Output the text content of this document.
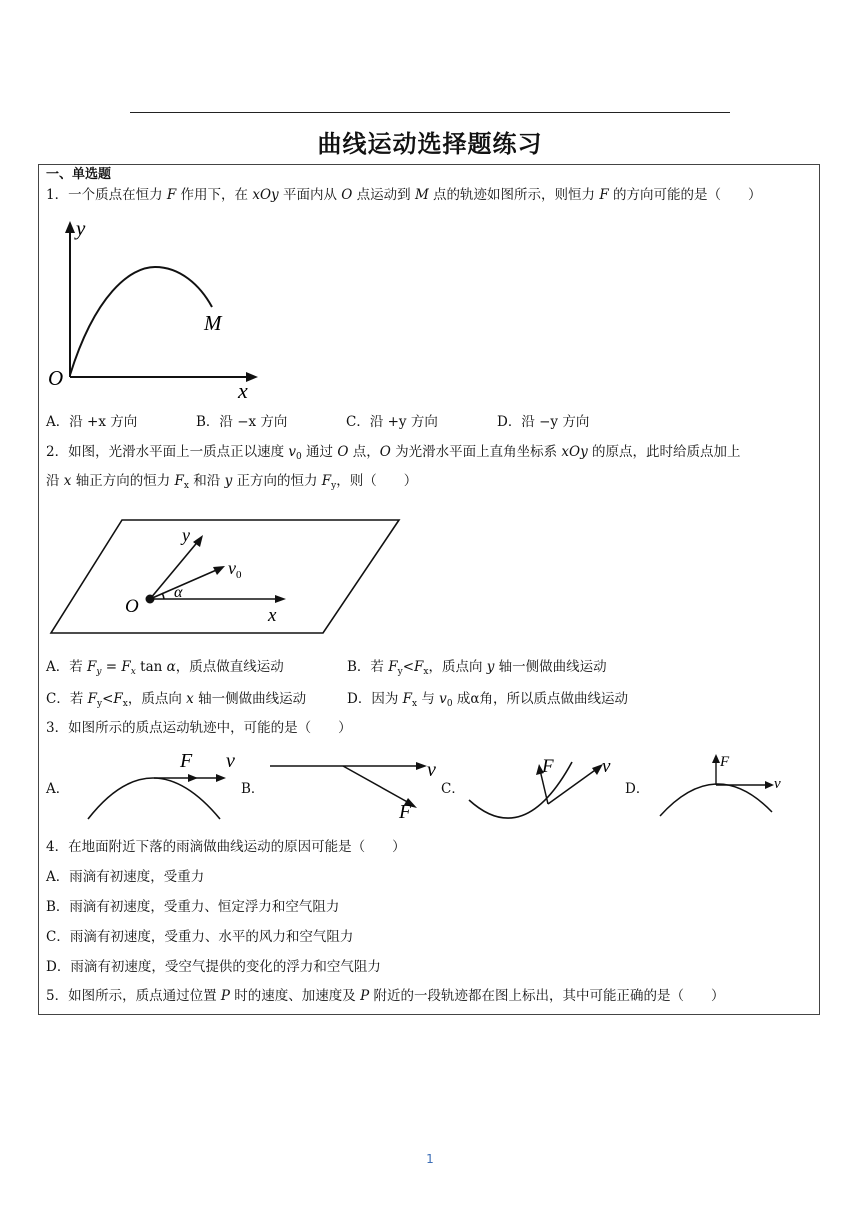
曲线运动选择题练习
一、单选题
1．一个质点在恒力 F 作用下，在 xOy 平面内从 O 点运动到 M 点的轨迹如图所示，则恒力 F 的方向可能的是（　　）
y
O	x
M
A．沿 +x 方向	B．沿 −x 方向	C．沿 +y 方向	D．沿 −y 方向
2．如图，光滑水平面上一质点正以速度 $v_0$ 通过 O 点，O 为光滑水平面上直角坐标系 xOy 的原点，此时给质点加上
沿 x 轴正方向的恒力 $F_x$ 和沿 y 正方向的恒力 $F_y$，则（　　）
y
$v_0$
O
α
x
A．若 $F_y = F_x$ tan α，质点做直线运动	B．若 $F_y<F_x$，质点向 y 轴一侧做曲线运动
C．若 $F_y<F_x$，质点向 x 轴一侧做曲线运动	D．因为 $F_x$ 与 $v_0$ 成α角，所以质点做曲线运动
3．如图所示的质点运动轨迹中，可能的是（　　）
A．
F v
B．
v
F
C．
F	v
D．
F
v
4．在地面附近下落的雨滴做曲线运动的原因可能是（　　）
A．雨滴有初速度，受重力
B．雨滴有初速度，受重力、恒定浮力和空气阻力
C．雨滴有初速度，受重力、水平的风力和空气阻力
D．雨滴有初速度，受空气提供的变化的浮力和空气阻力
5．如图所示，质点通过位置 P 时的速度、加速度及 P 附近的一段轨迹都在图上标出，其中可能正确的是（　　）
1
